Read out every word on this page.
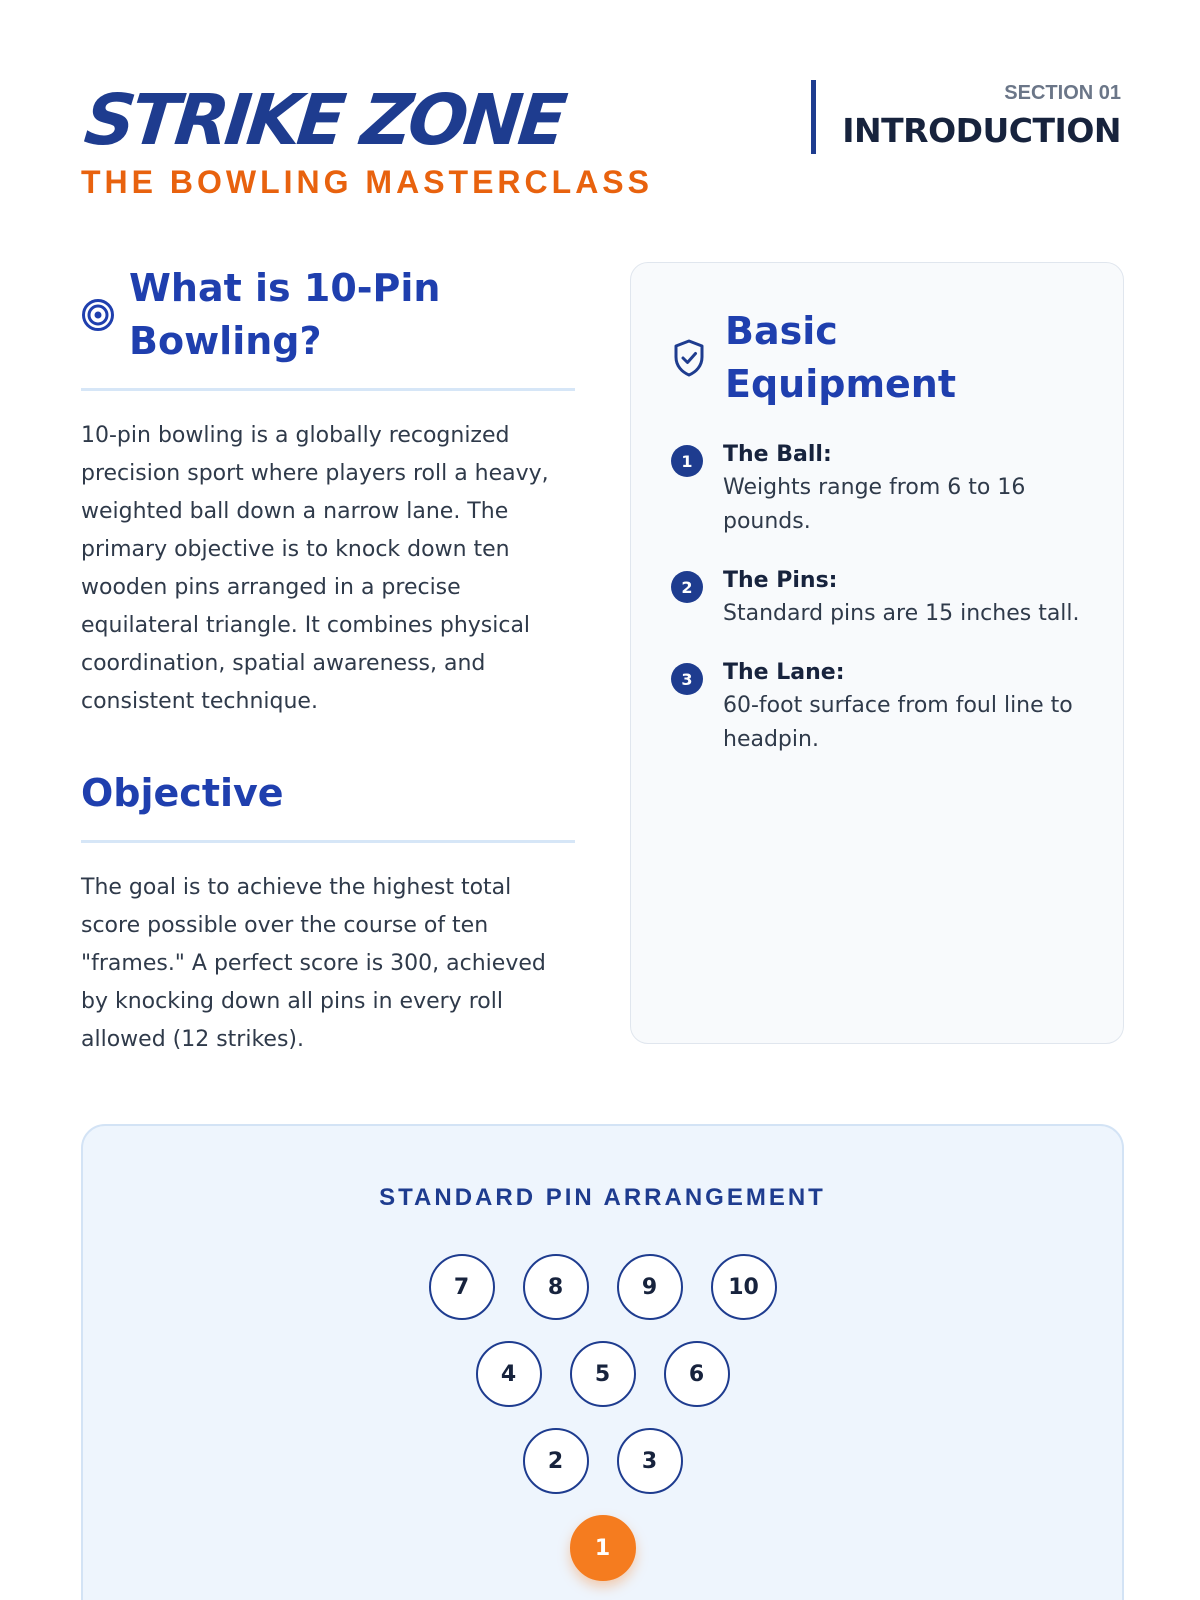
STRIKE ZONE
THE BOWLING MASTERCLASS
SECTION 01
INTRODUCTION
What is 10-Pin
Bowling?

10-pin bowling is a globally recognized precision sport where players roll a heavy, weighted ball down a narrow lane. The primary objective is to knock down ten wooden pins arranged in a precise equilateral triangle. It combines physical coordination, spatial awareness, and consistent technique.

Objective

The goal is to achieve the highest total score possible over the course of ten "frames." A perfect score is 300, achieved by knocking down all pins in every roll allowed (12 strikes).

Basic
Equipment
1	The Ball:
Weights range from 6 to 16 pounds.
2	The Pins:
Standard pins are 15 inches tall.
3	The Lane:
60-foot surface from foul line to headpin.
STANDARD PIN ARRANGEMENT
7	8	9	10
4	5	6
2	3
1
